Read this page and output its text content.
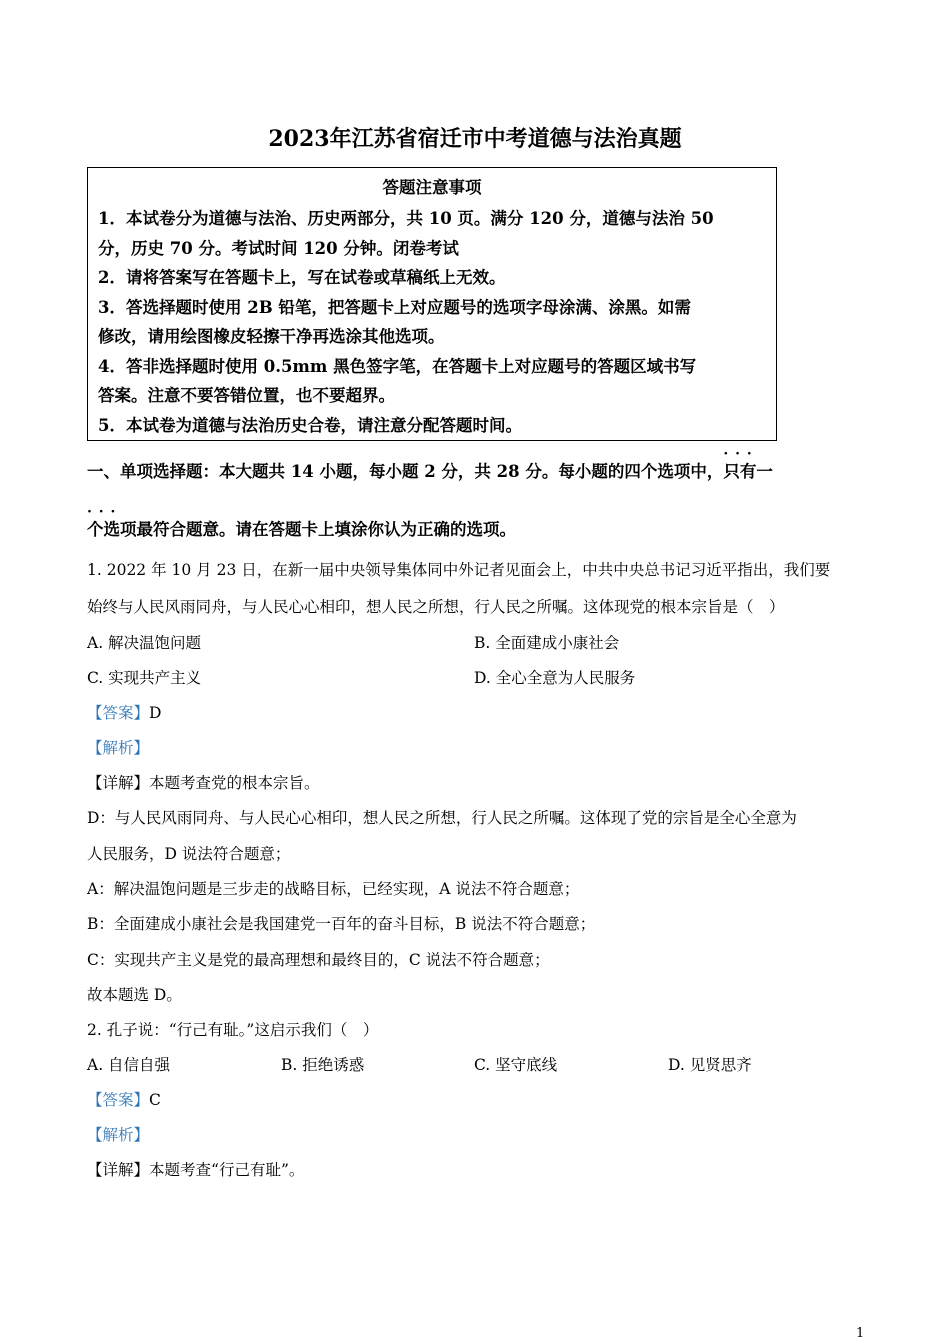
2023年江苏省宿迁市中考道德与法治真题
答题注意事项
1．本试卷分为道德与法治、历史两部分，共 10 页。满分 120 分，道德与法治 50
分，历史 70 分。考试时间 120 分钟。闭卷考试
2．请将答案写在答题卡上，写在试卷或草稿纸上无效。
3．答选择题时使用 2B 铅笔，把答题卡上对应题号的选项字母涂满、涂黑。如需
修改，请用绘图橡皮轻擦干净再选涂其他选项。
4．答非选择题时使用 0.5mm 黑色签字笔，在答题卡上对应题号的答题区域书写
答案。注意不要答错位置，也不要超界。
5．本试卷为道德与法治历史合卷，请注意分配答题时间。
一、单项选择题：本大题共 14 小题，每小题 2 分，共 28 分。每小题的四个选项中，· · · 只有一
· · · 个选项最符合题意。请在答题卡上填涂你认为正确的选项。
1. 2022 年 10 月 23 日，在新一届中央领导集体同中外记者见面会上，中共中央总书记习近平指出，我们要
始终与人民风雨同舟，与人民心心相印，想人民之所想，行人民之所嘱。这体现党的根本宗旨是（　）
A. 解决温饱问题	B. 全面建成小康社会
C. 实现共产主义	D. 全心全意为人民服务
【答案】D
【解析】
【详解】本题考查党的根本宗旨。
D：与人民风雨同舟、与人民心心相印，想人民之所想，行人民之所嘱。这体现了党的宗旨是全心全意为
人民服务，D 说法符合题意；
A：解决温饱问题是三步走的战略目标，已经实现，A 说法不符合题意；
B：全面建成小康社会是我国建党一百年的奋斗目标，B 说法不符合题意；
C：实现共产主义是党的最高理想和最终目的，C 说法不符合题意；
故本题选 D。
2. 孔子说：“行己有耻。”这启示我们（　）
A. 自信自强	B. 拒绝诱惑	C. 坚守底线	D. 见贤思齐
【答案】C
【解析】
【详解】本题考查“行己有耻”。
1
